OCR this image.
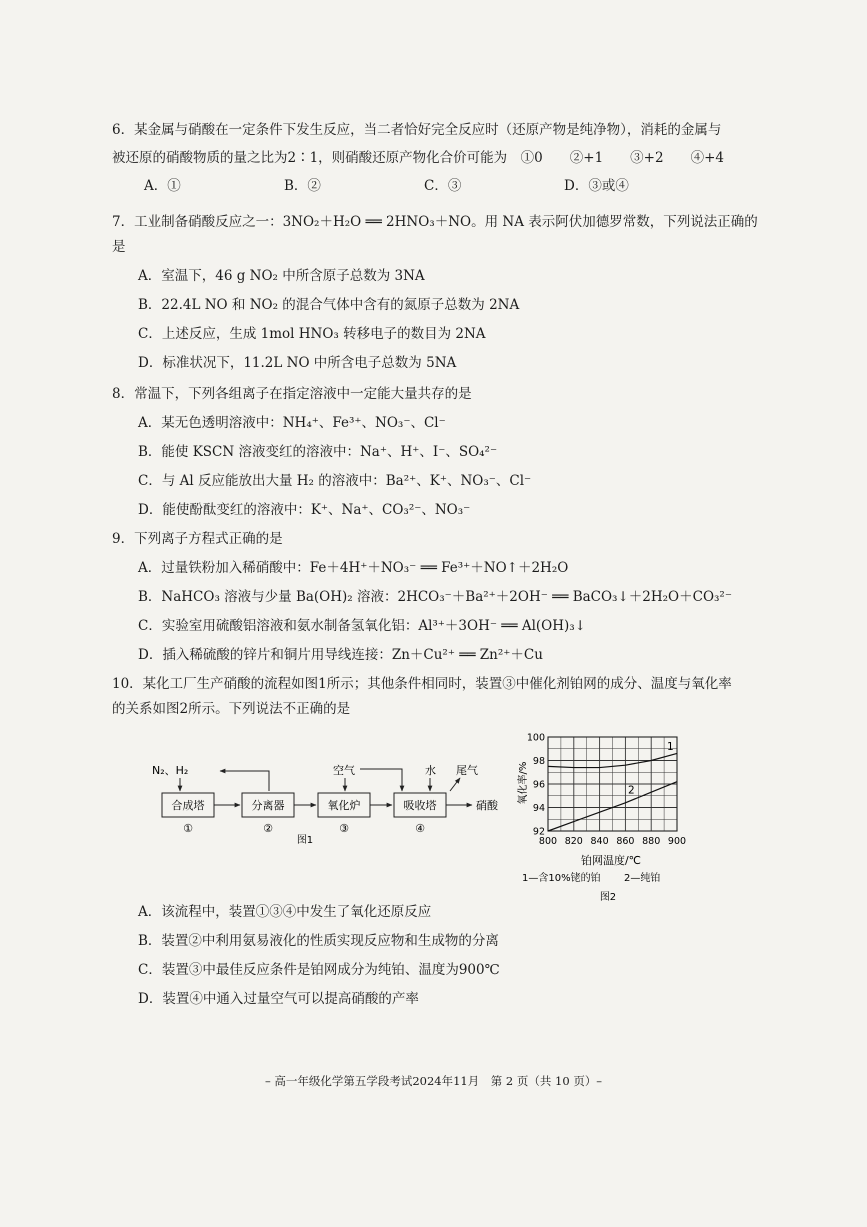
6．某金属与硝酸在一定条件下发生反应，当二者恰好完全反应时（还原产物是纯净物），消耗的金属与
被还原的硝酸物质的量之比为2∶1，则硝酸还原产物化合价可能为　①0　　②+1　　③+2　　④+4
A．①	B．②	C．③	D．③或④
7．工业制备硝酸反应之一：3NO₂＋H₂O ══ 2HNO₃＋NO。用 NA 表示阿伏加德罗常数，下列说法正确的
是
A．室温下，46 g NO₂ 中所含原子总数为 3NA
B．22.4L NO 和 NO₂ 的混合气体中含有的氮原子总数为 2NA
C．上述反应，生成 1mol HNO₃ 转移电子的数目为 2NA
D．标准状况下，11.2L NO 中所含电子总数为 5NA
8．常温下，下列各组离子在指定溶液中一定能大量共存的是
A．某无色透明溶液中：NH₄⁺、Fe³⁺、NO₃⁻、Cl⁻
B．能使 KSCN 溶液变红的溶液中：Na⁺、H⁺、I⁻、SO₄²⁻
C．与 Al 反应能放出大量 H₂ 的溶液中：Ba²⁺、K⁺、NO₃⁻、Cl⁻
D．能使酚酞变红的溶液中：K⁺、Na⁺、CO₃²⁻、NO₃⁻
9．下列离子方程式正确的是
A．过量铁粉加入稀硝酸中：Fe＋4H⁺＋NO₃⁻ ══ Fe³⁺＋NO↑＋2H₂O
B．NaHCO₃ 溶液与少量 Ba(OH)₂ 溶液：2HCO₃⁻＋Ba²⁺＋2OH⁻ ══ BaCO₃↓＋2H₂O＋CO₃²⁻
C．实验室用硫酸铝溶液和氨水制备氢氧化铝：Al³⁺＋3OH⁻ ══ Al(OH)₃↓
D．插入稀硫酸的锌片和铜片用导线连接：Zn＋Cu²⁺ ══ Zn²⁺＋Cu
10．某化工厂生产硝酸的流程如图1所示；其他条件相同时，装置③中催化剂铂网的成分、温度与氧化率
的关系如图2所示。下列说法不正确的是
N₂、H₂	空气	水 尾气
合成塔	分离器	氧化炉	吸收塔	硝酸
①	②	③	④
图1
氧化率/%
铂网温度/℃
1—含10%铑的铂 2—纯铂
图2
800 820 840 860 880 900
92
94
96
98
100
1
2
A．该流程中，装置①③④中发生了氧化还原反应
B．装置②中利用氨易液化的性质实现反应物和生成物的分离
C．装置③中最佳反应条件是铂网成分为纯铂、温度为900℃
D．装置④中通入过量空气可以提高硝酸的产率
– 高一年级化学第五学段考试2024年11月　第 2 页（共 10 页）–
